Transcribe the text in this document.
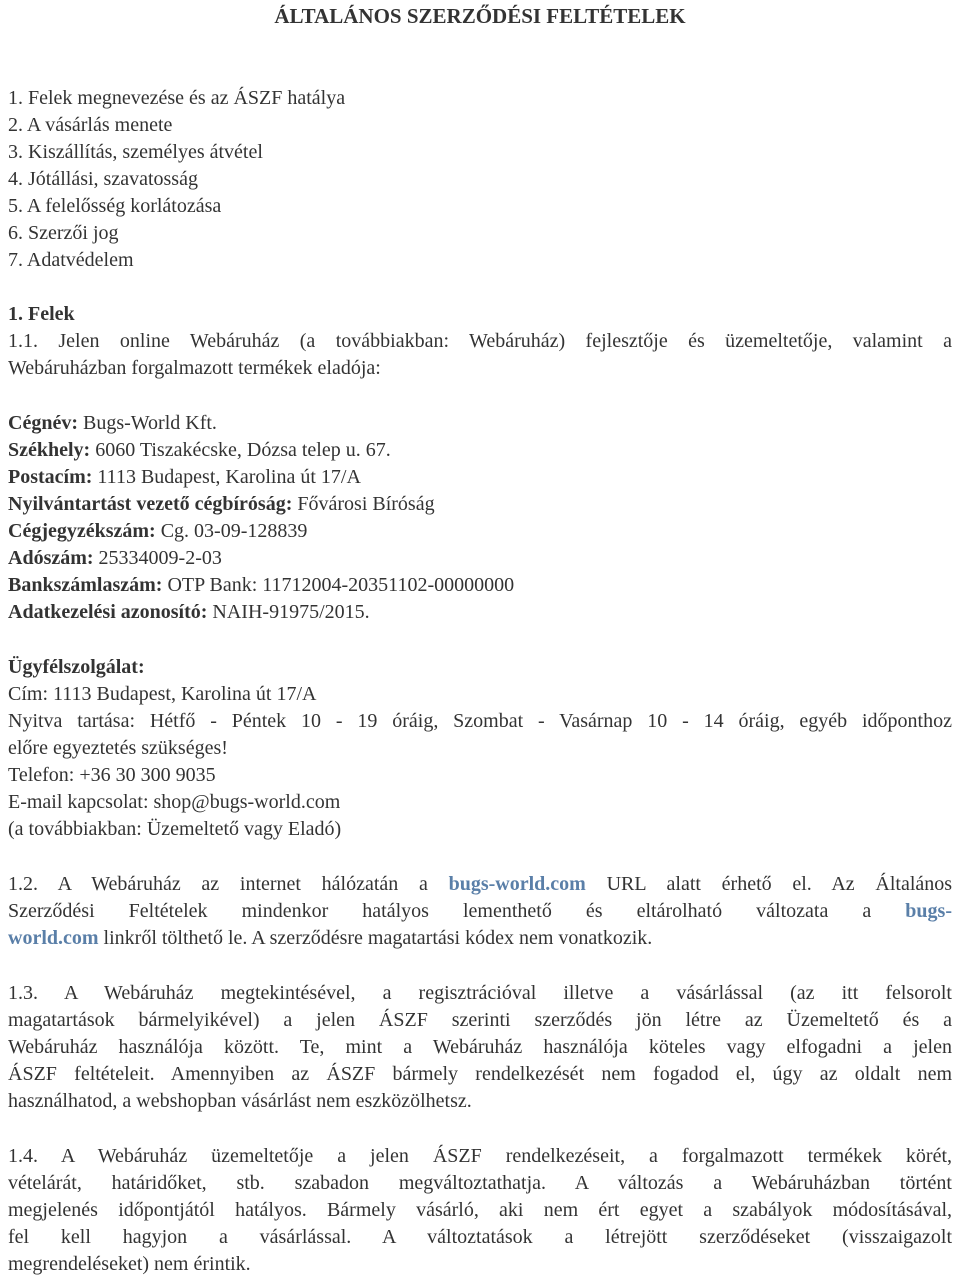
ÁLTALÁNOS SZERZŐDÉSI FELTÉTELEK
1. Felek megnevezése és az ÁSZF hatálya
2. A vásárlás menete
3. Kiszállítás, személyes átvétel
4. Jótállási, szavatosság
5. A felelősség korlátozása
6. Szerzői jog
7. Adatvédelem
1. Felek
1.1. Jelen online Webáruház (a továbbiakban: Webáruház) fejlesztője és üzemeltetője, valamint a
Webáruházban forgalmazott termékek eladója:
Cégnév: Bugs-World Kft.
Székhely: 6060 Tiszakécske, Dózsa telep u. 67.
Postacím: 1113 Budapest, Karolina út 17/A
Nyilvántartást vezető cégbíróság: Fővárosi Bíróság
Cégjegyzékszám: Cg. 03-09-128839
Adószám: 25334009-2-03
Bankszámlaszám: OTP Bank: 11712004-20351102-00000000
Adatkezelési azonosító: NAIH-91975/2015.
Ügyfélszolgálat:
Cím: 1113 Budapest, Karolina út 17/A
Nyitva tartása: Hétfő - Péntek 10 - 19 óráig, Szombat - Vasárnap 10 - 14 óráig, egyéb időponthoz
előre egyeztetés szükséges!
Telefon: +36 30 300 9035
E-mail kapcsolat: shop@bugs-world.com
(a továbbiakban: Üzemeltető vagy Eladó)
1.2. A Webáruház az internet hálózatán a bugs-world.com URL alatt érhető el. Az Általános
Szerződési Feltételek mindenkor hatályos lementhető és eltárolható változata a bugs-
world.com linkről tölthető le. A szerződésre magatartási kódex nem vonatkozik.
1.3. A Webáruház megtekintésével, a regisztrációval illetve a vásárlással (az itt felsorolt
magatartások bármelyikével) a jelen ÁSZF szerinti szerződés jön létre az Üzemeltető és a
Webáruház használója között. Te, mint a Webáruház használója köteles vagy elfogadni a jelen
ÁSZF feltételeit. Amennyiben az ÁSZF bármely rendelkezését nem fogadod el, úgy az oldalt nem
használhatod, a webshopban vásárlást nem eszközölhetsz.
1.4. A Webáruház üzemeltetője a jelen ÁSZF rendelkezéseit, a forgalmazott termékek körét,
vételárát, határidőket, stb. szabadon megváltoztathatja. A változás a Webáruházban történt
megjelenés időpontjától hatályos. Bármely vásárló, aki nem ért egyet a szabályok módosításával,
fel kell hagyjon a vásárlással. A változtatások a létrejött szerződéseket (visszaigazolt
megrendeléseket) nem érintik.
